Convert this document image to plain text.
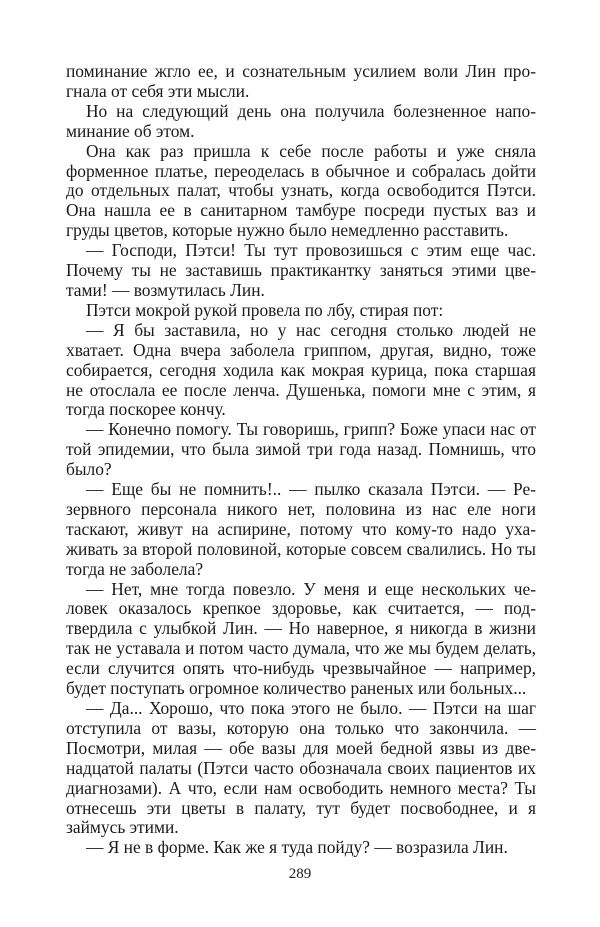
поминание жгло ее, и сознательным усилием воли Лин прогнала от себя эти мысли.

Но на следующий день она получила болезненное напоминание об этом.

Она как раз пришла к себе после работы и уже сняла форменное платье, переоделась в обычное и собралась дойти до отдельных палат, чтобы узнать, когда освободится Пэтси. Она нашла ее в санитарном тамбуре посреди пустых ваз и груды цветов, которые нужно было немедленно расставить.

— Господи, Пэтси! Ты тут провозишься с этим еще час. Почему ты не заставишь практикантку заняться этими цветами! — возмутилась Лин.

Пэтси мокрой рукой провела по лбу, стирая пот:

— Я бы заставила, но у нас сегодня столько людей не хватает. Одна вчера заболела гриппом, другая, видно, тоже собирается, сегодня ходила как мокрая курица, пока старшая не отослала ее после ленча. Душенька, помоги мне с этим, я тогда поскорее кончу.

— Конечно помогу. Ты говоришь, грипп? Боже упаси нас от той эпидемии, что была зимой три года назад. Помнишь, что было?

— Еще бы не помнить!.. — пылко сказала Пэтси. — Резервного персонала никого нет, половина из нас еле ноги таскают, живут на аспирине, потому что кому-то надо ухаживать за второй половиной, которые совсем свалились. Но ты тогда не заболела?

— Нет, мне тогда повезло. У меня и еще нескольких человек оказалось крепкое здоровье, как считается, — подтвердила с улыбкой Лин. — Но наверное, я никогда в жизни так не уставала и потом часто думала, что же мы будем делать, если случится опять что-нибудь чрезвычайное — например, будет поступать огромное количество раненых или больных...

— Да... Хорошо, что пока этого не было. — Пэтси на шаг отступила от вазы, которую она только что закончила. — Посмотри, милая — обе вазы для моей бедной язвы из двенадцатой палаты (Пэтси часто обозначала своих пациентов их диагнозами). А что, если нам освободить немного места? Ты отнесешь эти цветы в палату, тут будет посвободнее, и я займусь этими.

— Я не в форме. Как же я туда пойду? — возразила Лин.

289
